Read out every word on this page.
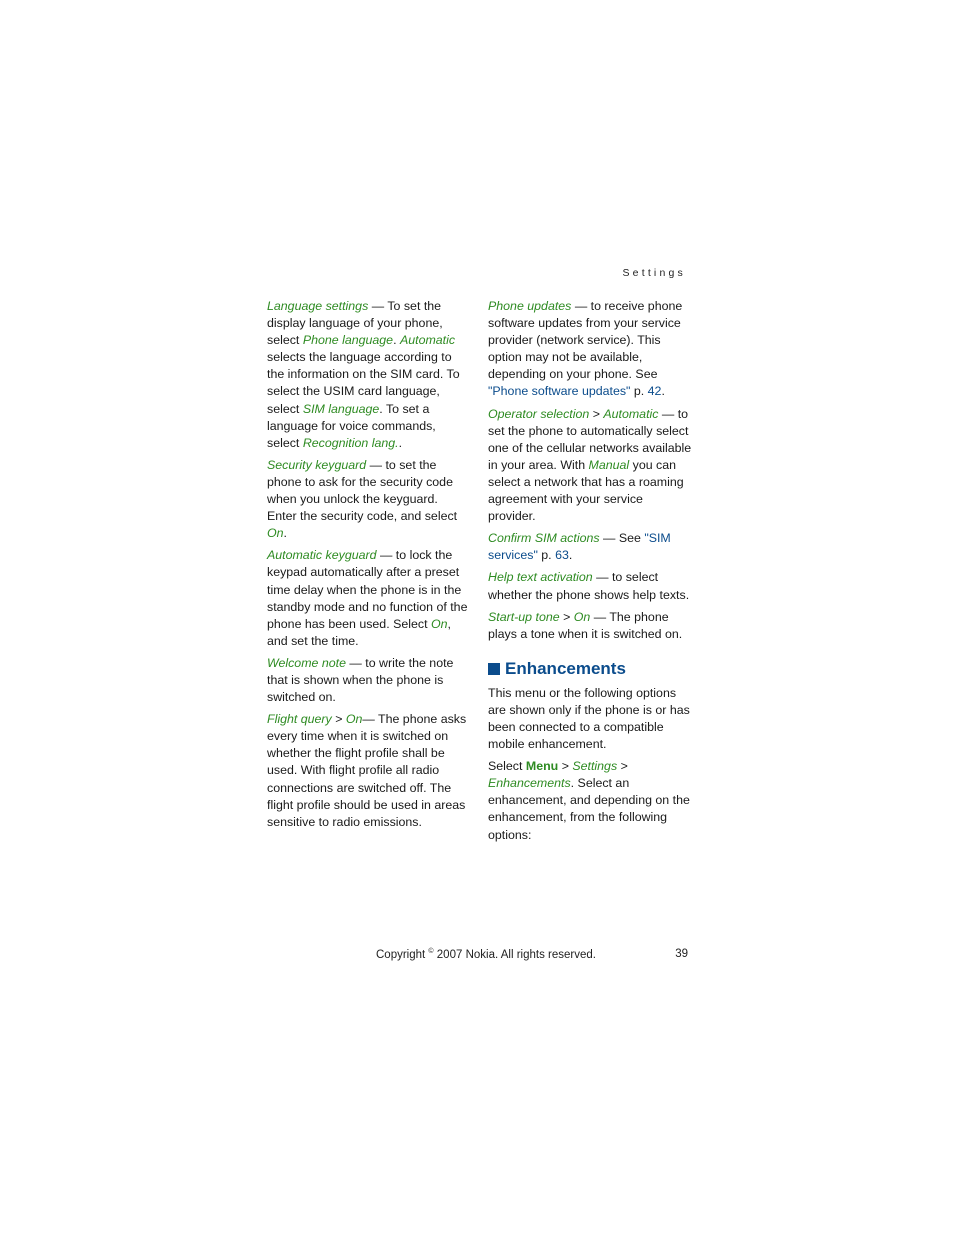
Settings

Language settings — To set the display language of your phone, select Phone language. Automatic selects the language according to the information on the SIM card. To select the USIM card language, select SIM language. To set a language for voice commands, select Recognition lang..

Security keyguard — to set the phone to ask for the security code when you unlock the keyguard. Enter the security code, and select On.

Automatic keyguard — to lock the keypad automatically after a preset time delay when the phone is in the standby mode and no function of the phone has been used. Select On, and set the time.

Welcome note — to write the note that is shown when the phone is switched on.

Flight query > On— The phone asks every time when it is switched on whether the flight profile shall be used. With flight profile all radio connections are switched off. The flight profile should be used in areas sensitive to radio emissions.

Phone updates — to receive phone software updates from your service provider (network service). This option may not be available, depending on your phone. See "Phone software updates" p. 42.

Operator selection > Automatic — to set the phone to automatically select one of the cellular networks available in your area. With Manual you can select a network that has a roaming agreement with your service provider.

Confirm SIM actions — See "SIM services" p. 63.

Help text activation — to select whether the phone shows help texts.

Start-up tone > On — The phone plays a tone when it is switched on.

Enhancements

This menu or the following options are shown only if the phone is or has been connected to a compatible mobile enhancement.

Select Menu > Settings > Enhancements. Select an enhancement, and depending on the enhancement, from the following options:

Copyright © 2007 Nokia. All rights reserved.	39
